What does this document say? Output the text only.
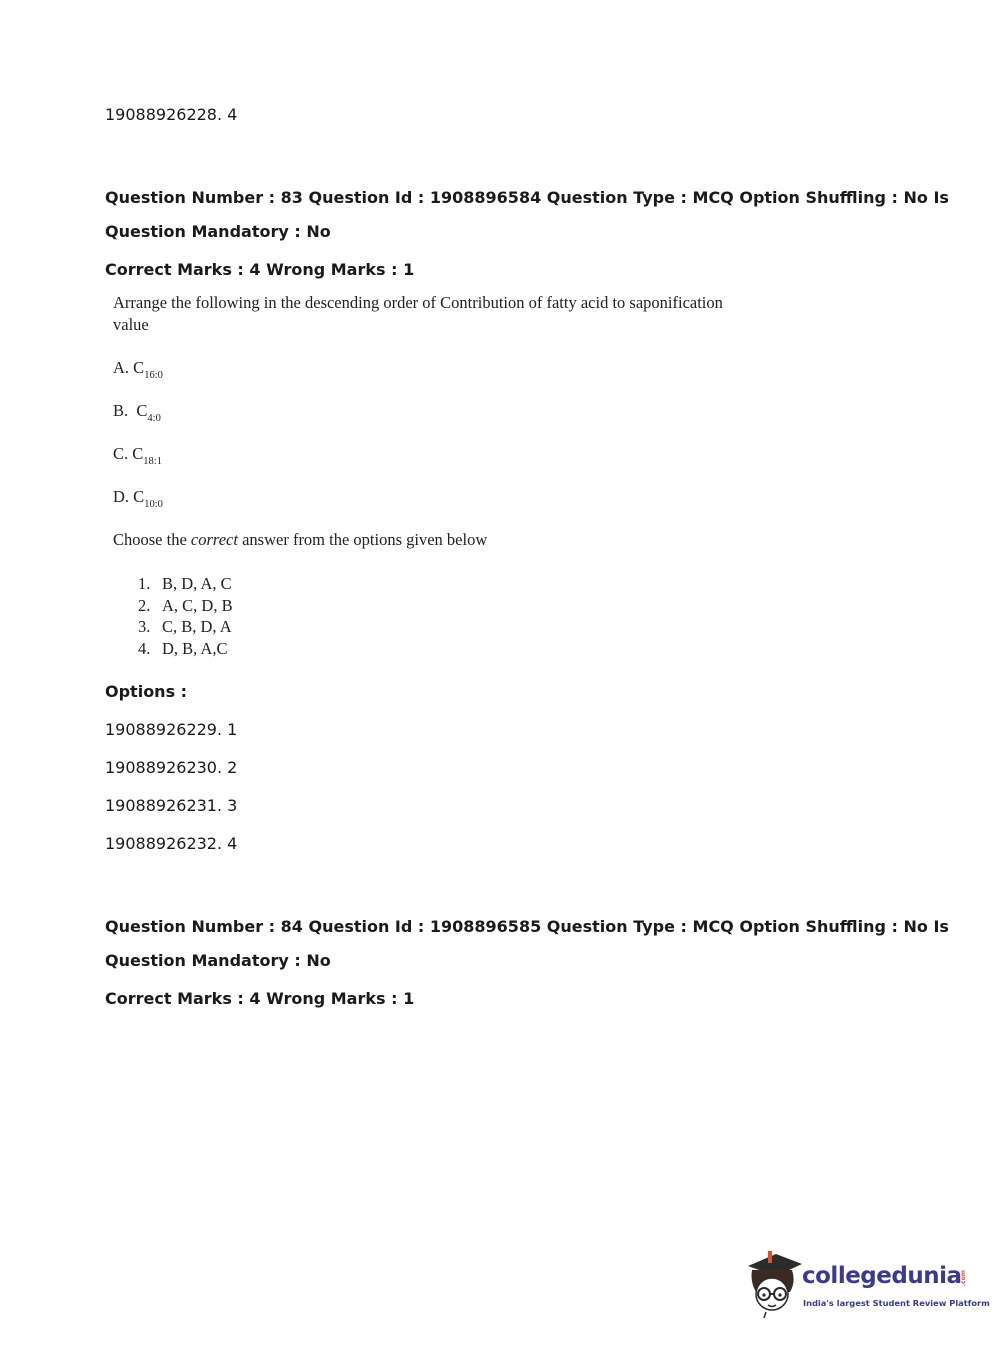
19088926228. 4
Question Number : 83 Question Id : 1908896584 Question Type : MCQ Option Shuffling : No Is
Question Mandatory : No
Correct Marks : 4 Wrong Marks : 1
Arrange the following in the descending order of Contribution of fatty acid to saponification
value
A. $C_{16:0}$
B. $C_{4:0}$
C. $C_{18:1}$
D. $C_{10:0}$
Choose the correct answer from the options given below
1. B, D, A, C
2. A, C, D, B
3. C, B, D, A
4. D, B, A,C
Options :
19088926229. 1
19088926230. 2
19088926231. 3
19088926232. 4
Question Number : 84 Question Id : 1908896585 Question Type : MCQ Option Shuffling : No Is
Question Mandatory : No
Correct Marks : 4 Wrong Marks : 1
collegedunia
.com
India's largest Student Review Platform
